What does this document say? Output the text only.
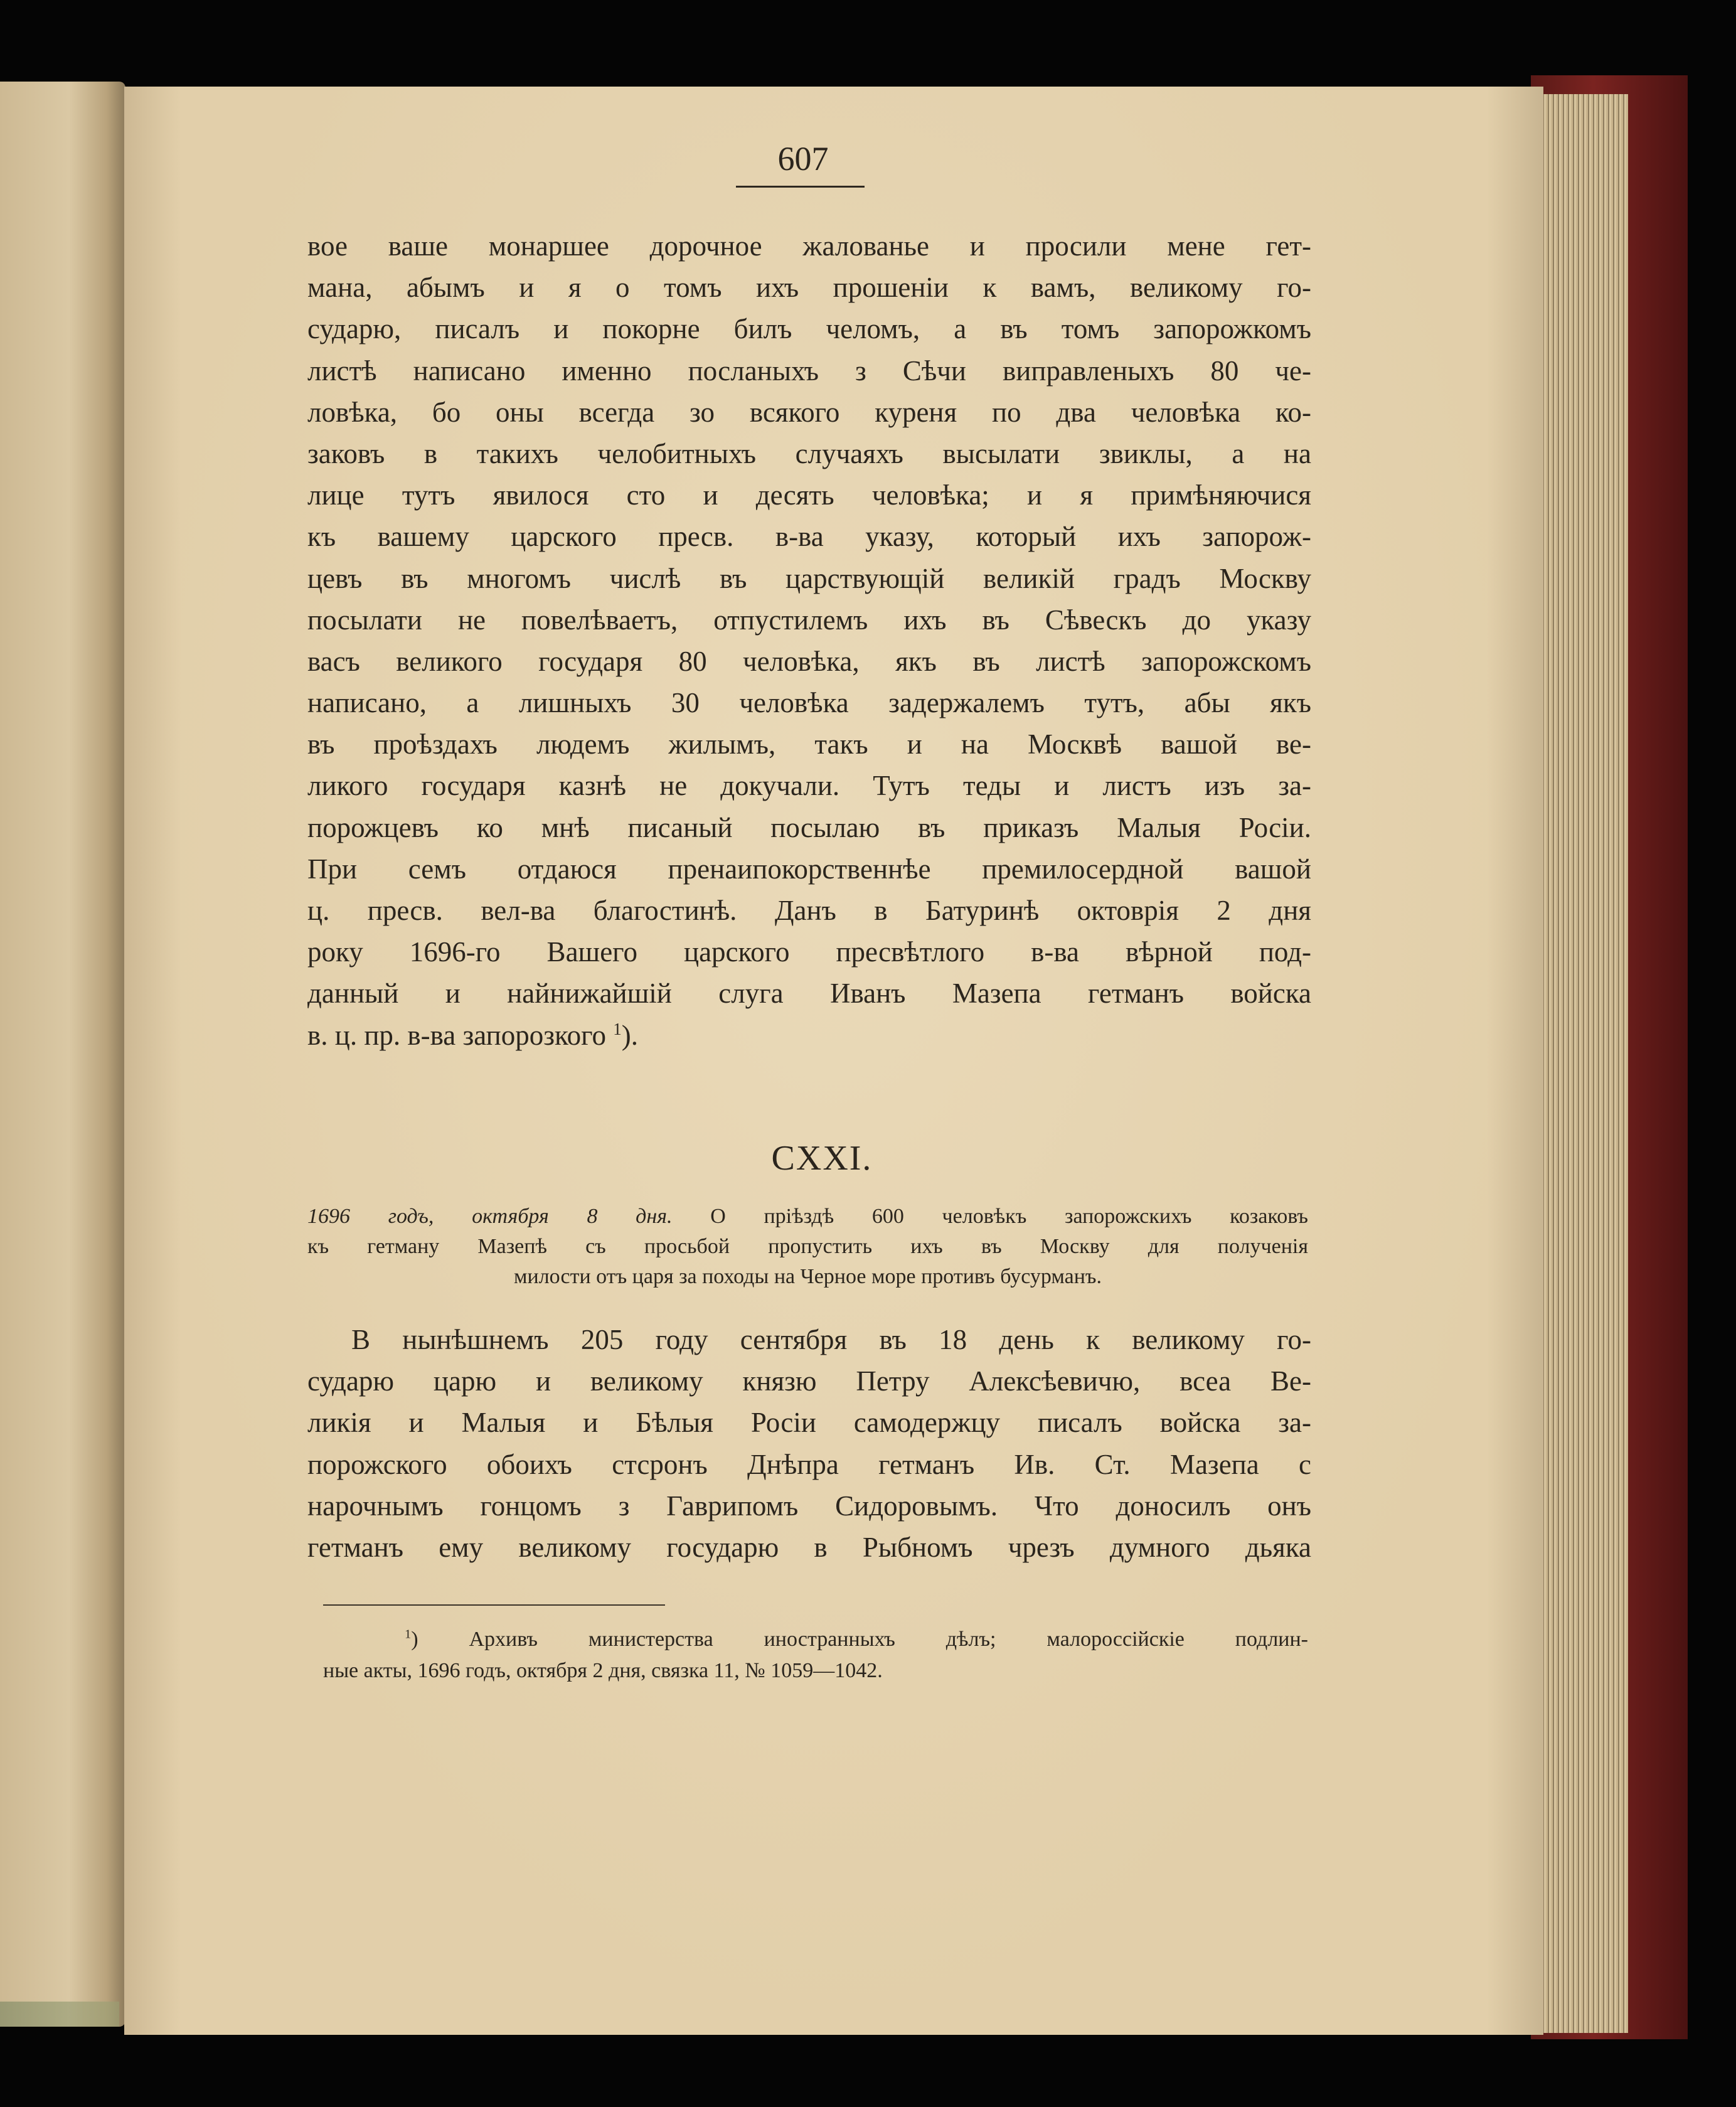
607
вое ваше монаршее дорочное жалованье и просили мене гет-
мана, абымъ и я о томъ ихъ прошеніи к вамъ, великому го-
сударю, писалъ и покорне билъ челомъ, а въ томъ запорожкомъ
листѣ написано именно посланыхъ з Сѣчи виправленыхъ 80 че-
ловѣка, бо оны всегда зо всякого куреня по два человѣка ко-
заковъ в такихъ челобитныхъ случаяхъ высылати звиклы, а на
лице тутъ явилося сто и десять человѣка; и я примѣняючися
къ вашему царского пресв. в-ва указу, который ихъ запорож-
цевъ въ многомъ числѣ въ царствующій великій градъ Москву
посылати не повелѣваетъ, отпустилемъ ихъ въ Сѣвескъ до указу
васъ великого государя 80 человѣка, якъ въ листѣ запорожскомъ
написано, а лишныхъ 30 человѣка задержалемъ тутъ, абы якъ
въ проѣздахъ людемъ жилымъ, такъ и на Москвѣ вашой ве-
ликого государя казнѣ не докучали. Тутъ теды и листъ изъ за-
порожцевъ ко мнѣ писаный посылаю въ приказъ Малыя Росіи.
При семъ отдаюся пренаипокорственнѣе премилосердной вашой
ц. пресв. вел-ва благостинѣ. Данъ в Батуринѣ октоврія 2 дня
року 1696-го Вашего царского пресвѣтлого в-ва вѣрной под-
данный и найнижайшій слуга Иванъ Мазепа гетманъ войска
в. ц. пр. в-ва запорозкого $^1$).
CXXI.
1696 годъ, октября 8 дня. О пріѣздѣ 600 человѣкъ запорожскихъ козаковъ
къ гетману Мазепѣ съ просьбой пропустить ихъ въ Москву для полученія
милости отъ царя за походы на Черное море противъ бусурманъ.
В нынѣшнемъ 205 году сентября въ 18 день к великому го-
сударю царю и великому князю Петру Алексѣевичю, всеа Ве-
ликія и Малыя и Бѣлыя Росіи самодержцу писалъ войска за-
порожского обоихъ стсронъ Днѣпра гетманъ Ив. Ст. Мазепа с
нарочнымъ гонцомъ з Гаврипомъ Сидоровымъ. Что доносилъ онъ
гетманъ ему великому государю в Рыбномъ чрезъ думного дьяка
$^1$) Архивъ министерства иностранныхъ дѣлъ; малороссійскіе подлин-
ные акты, 1696 годъ, октября 2 дня, связка 11, № 1059—1042.
